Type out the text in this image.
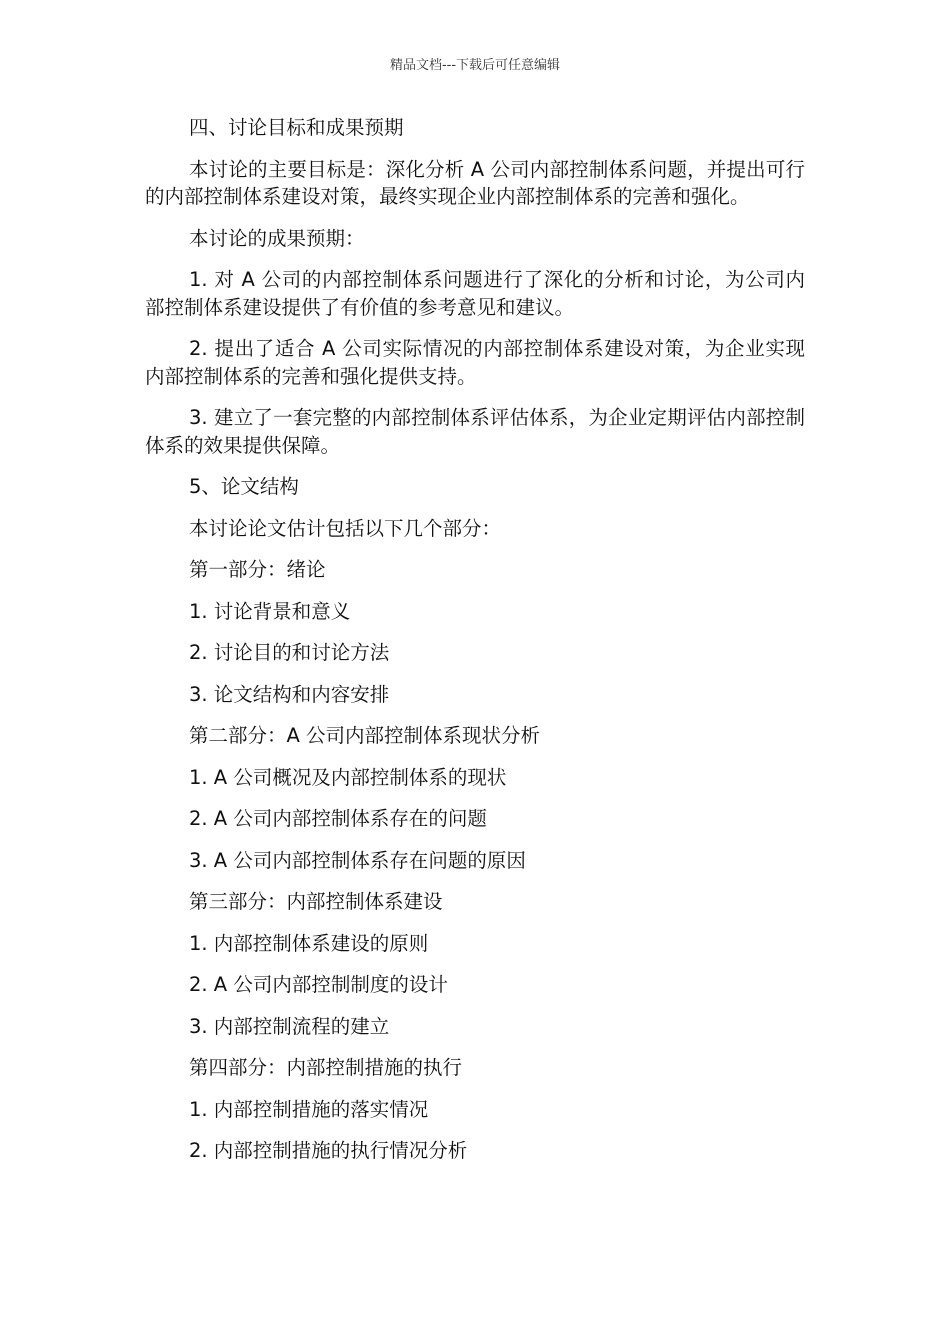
精品文档---下载后可任意编辑

四、讨论目标和成果预期

本讨论的主要目标是：深化分析 A 公司内部控制体系问题，并提出可行的内部控制体系建设对策，最终实现企业内部控制体系的完善和强化。

本讨论的成果预期：

1. 对 A 公司的内部控制体系问题进行了深化的分析和讨论，为公司内部控制体系建设提供了有价值的参考意见和建议。

2. 提出了适合 A 公司实际情况的内部控制体系建设对策，为企业实现内部控制体系的完善和强化提供支持。

3. 建立了一套完整的内部控制体系评估体系，为企业定期评估内部控制体系的效果提供保障。

5、论文结构

本讨论论文估计包括以下几个部分：

第一部分：绪论

1. 讨论背景和意义

2. 讨论目的和讨论方法

3. 论文结构和内容安排

第二部分：A 公司内部控制体系现状分析

1. A 公司概况及内部控制体系的现状

2. A 公司内部控制体系存在的问题

3. A 公司内部控制体系存在问题的原因

第三部分：内部控制体系建设

1. 内部控制体系建设的原则

2. A 公司内部控制制度的设计

3. 内部控制流程的建立

第四部分：内部控制措施的执行

1. 内部控制措施的落实情况

2. 内部控制措施的执行情况分析
